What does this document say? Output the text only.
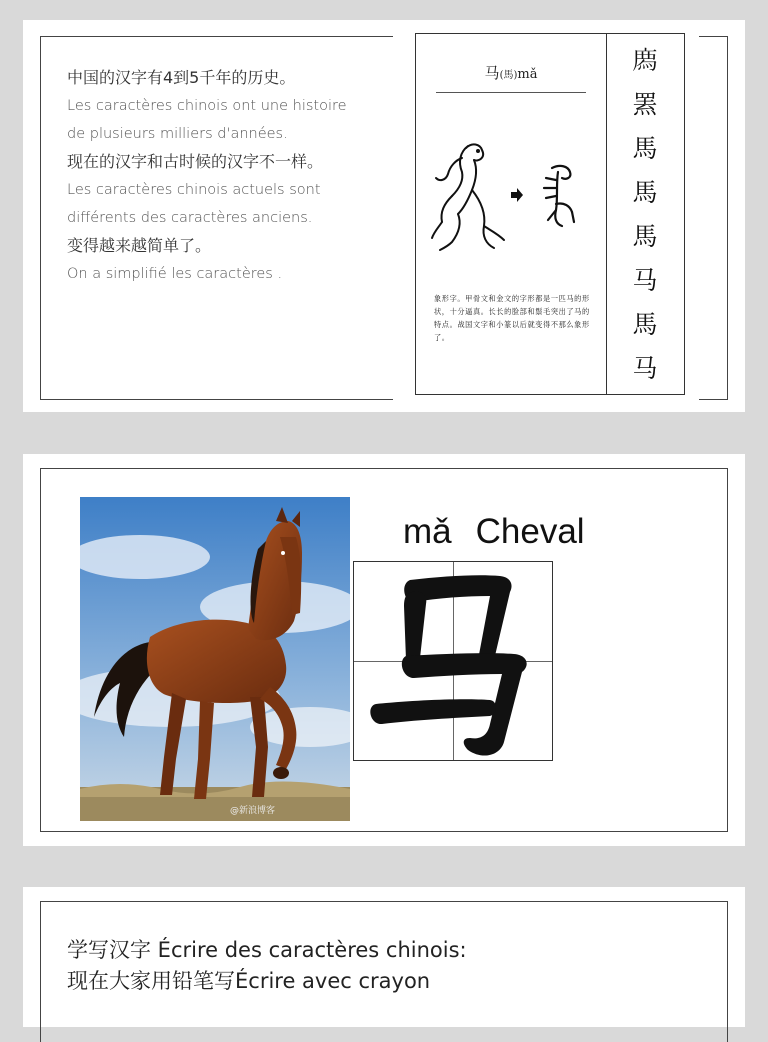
中国的汉字有4到5千年的历史。
Les caractères chinois ont une histoire
de plusieurs milliers d'années.
现在的汉字和古时候的汉字不一样。
Les caractères chinois actuels sont
différents des caractères anciens.
变得越来越简单了。
On a simplifié les caractères .
马(馬)mǎ
象形字。甲骨文和金文的字形都是一匹马的形状，十分逼真。长长的脸部和鬃毛突出了马的特点。战国文字和小篆以后就变得不那么象形了。
𢊁
罴
馬
馬
馬
马
馬
马
@新浪博客
mǎ Cheval
学写汉字 Écrire des caractères chinois:
现在大家用铅笔写Écrire avec crayon
